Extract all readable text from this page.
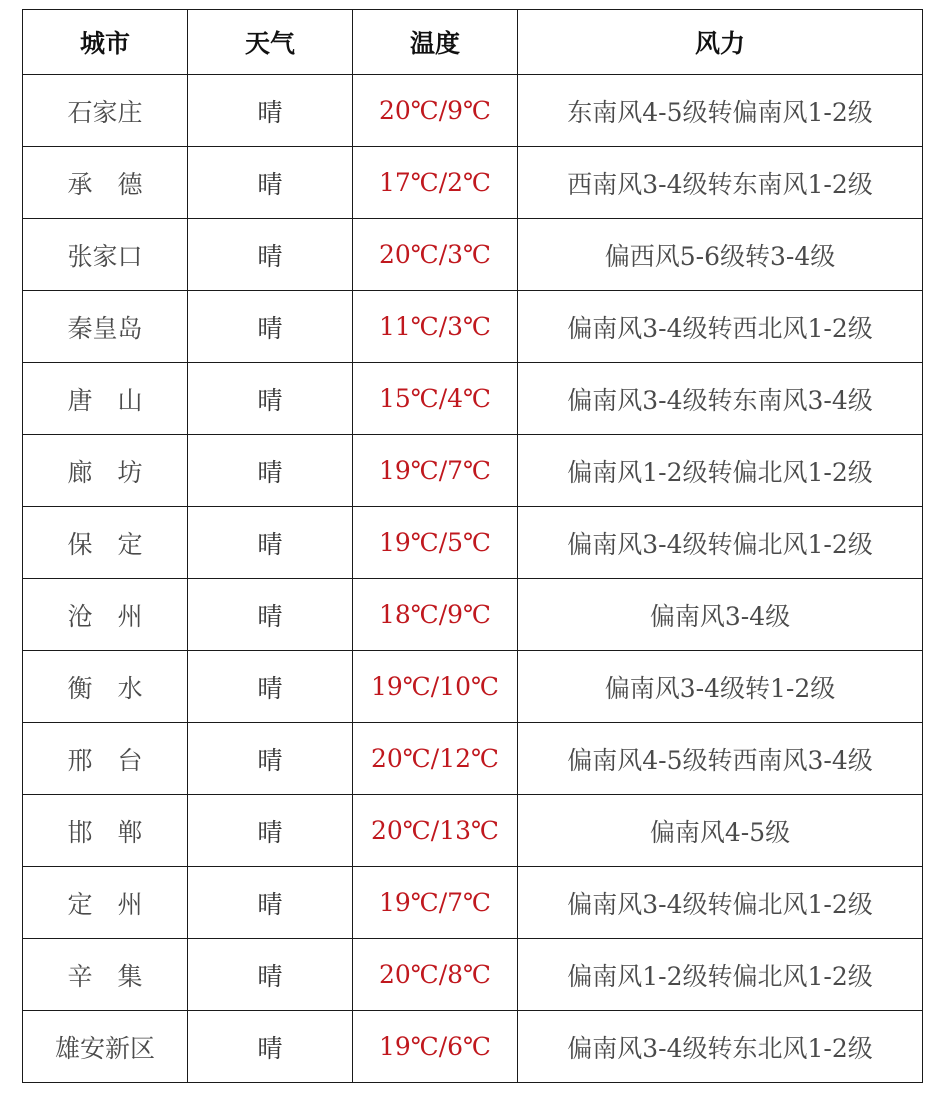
城市	天气	温度	风力
石家庄	晴	20℃/9℃	东南风4-5级转偏南风1-2级
承　德	晴	17℃/2℃	西南风3-4级转东南风1-2级
张家口	晴	20℃/3℃	偏西风5-6级转3-4级
秦皇岛	晴	11℃/3℃	偏南风3-4级转西北风1-2级
唐　山	晴	15℃/4℃	偏南风3-4级转东南风3-4级
廊　坊	晴	19℃/7℃	偏南风1-2级转偏北风1-2级
保　定	晴	19℃/5℃	偏南风3-4级转偏北风1-2级
沧　州	晴	18℃/9℃	偏南风3-4级
衡　水	晴	19℃/10℃	偏南风3-4级转1-2级
邢　台	晴	20℃/12℃	偏南风4-5级转西南风3-4级
邯　郸	晴	20℃/13℃	偏南风4-5级
定　州	晴	19℃/7℃	偏南风3-4级转偏北风1-2级
辛　集	晴	20℃/8℃	偏南风1-2级转偏北风1-2级
雄安新区	晴	19℃/6℃	偏南风3-4级转东北风1-2级
